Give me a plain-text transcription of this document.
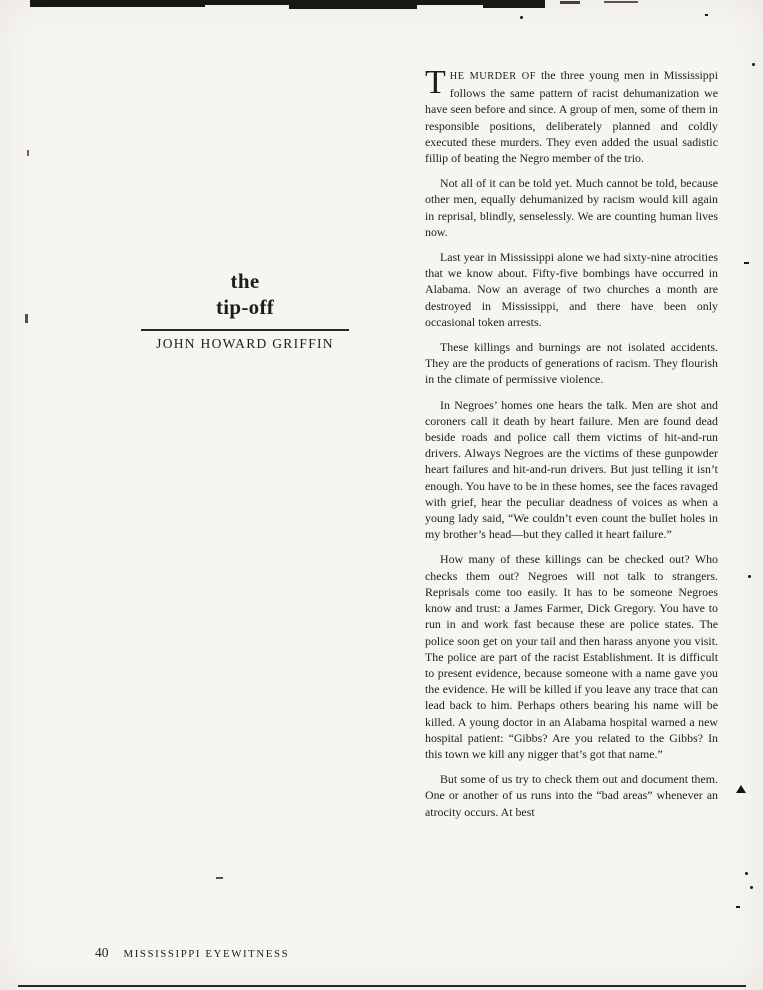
the
tip-off
JOHN HOWARD GRIFFIN

THE MURDER OF the three young men in Mississippi follows the same pattern of racist dehumanization we have seen before and since. A group of men, some of them in responsible positions, deliberately planned and coldly executed these murders. They even added the usual sadistic fillip of beating the Negro member of the trio.

Not all of it can be told yet. Much cannot be told, because other men, equally dehumanized by racism would kill again in reprisal, blindly, senselessly. We are counting human lives now.

Last year in Mississippi alone we had sixty-nine atrocities that we know about. Fifty-five bombings have occurred in Alabama. Now an average of two churches a month are destroyed in Mississippi, and there have been only occasional token arrests.

These killings and burnings are not isolated accidents. They are the products of generations of racism. They flourish in the climate of permissive violence.

In Negroes’ homes one hears the talk. Men are shot and coroners call it death by heart failure. Men are found dead beside roads and police call them victims of hit-and-run drivers. Always Negroes are the victims of these gunpowder heart failures and hit-and-run drivers. But just telling it isn’t enough. You have to be in these homes, see the faces ravaged with grief, hear the peculiar deadness of voices as when a young lady said, “We couldn’t even count the bullet holes in my brother’s head—but they called it heart failure.”

How many of these killings can be checked out? Who checks them out? Negroes will not talk to strangers. Reprisals come too easily. It has to be someone Negroes know and trust: a James Farmer, Dick Gregory. You have to run in and work fast because these are police states. The police soon get on your tail and then harass anyone you visit. The police are part of the racist Establishment. It is difficult to present evidence, because someone with a name gave you the evidence. He will be killed if you leave any trace that can lead back to him. Perhaps others bearing his name will be killed. A young doctor in an Alabama hospital warned a new hospital patient: “Gibbs? Are you related to the Gibbs? In this town we kill any nigger that’s got that name.”

But some of us try to check them out and document them. One or another of us runs into the “bad areas” whenever an atrocity occurs. At best

40 MISSISSIPPI EYEWITNESS
